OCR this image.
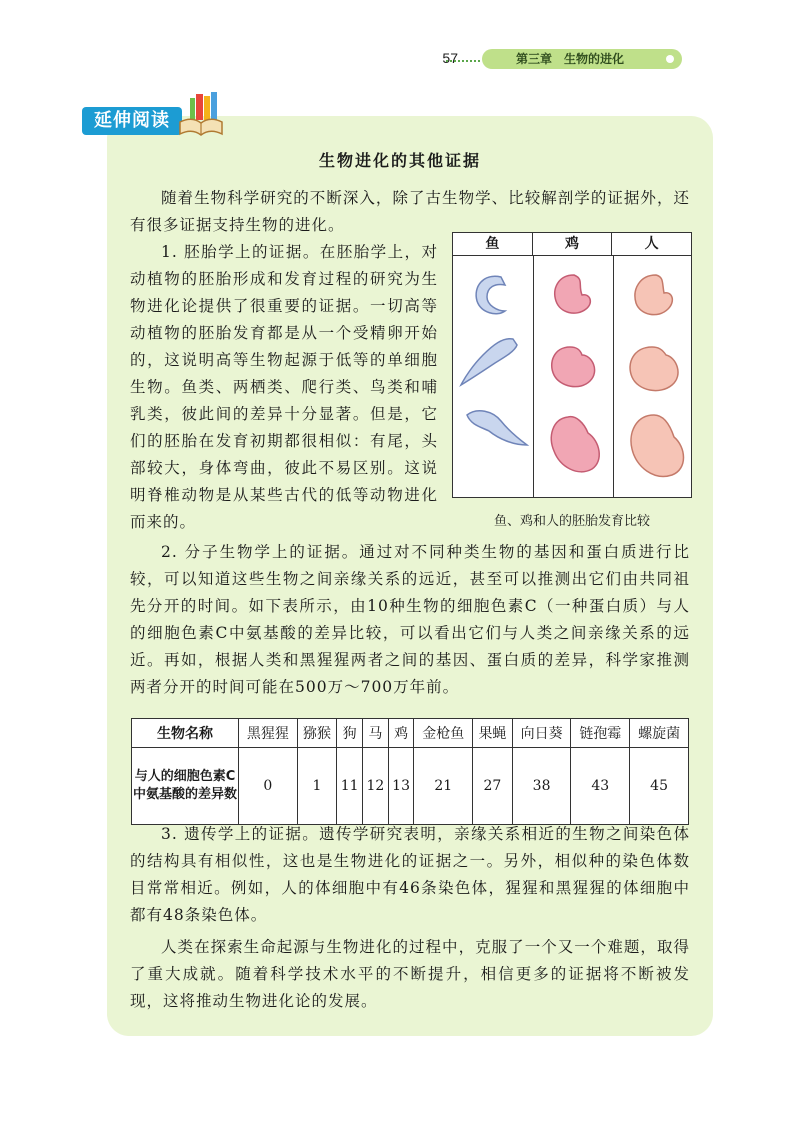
57	第三章　生物的进化
延伸阅读
生物进化的其他证据
随着生物科学研究的不断深入，除了古生物学、比较解剖学的证据外，还有很多证据支持生物的进化。
1. 胚胎学上的证据。在胚胎学上，对动植物的胚胎形成和发育过程的研究为生物进化论提供了很重要的证据。一切高等动植物的胚胎发育都是从一个受精卵开始的，这说明高等生物起源于低等的单细胞生物。鱼类、两栖类、爬行类、鸟类和哺乳类，彼此间的差异十分显著。但是，它们的胚胎在发育初期都很相似：有尾，头部较大，身体弯曲，彼此不易区别。这说明脊椎动物是从某些古代的低等动物进化而来的。
鱼	鸡	人
鱼、鸡和人的胚胎发育比较
2. 分子生物学上的证据。通过对不同种类生物的基因和蛋白质进行比较，可以知道这些生物之间亲缘关系的远近，甚至可以推测出它们由共同祖先分开的时间。如下表所示，由10种生物的细胞色素C（一种蛋白质）与人的细胞色素C中氨基酸的差异比较，可以看出它们与人类之间亲缘关系的远近。再如，根据人类和黑猩猩两者之间的基因、蛋白质的差异，科学家推测两者分开的时间可能在500万～700万年前。
生物名称	黑猩猩	猕猴	狗	马	鸡	金枪鱼	果蝇	向日葵	链孢霉	螺旋菌
与人的细胞色素C中氨基酸的差异数	0	1	11	12	13	21	27	38	43	45
3. 遗传学上的证据。遗传学研究表明，亲缘关系相近的生物之间染色体的结构具有相似性，这也是生物进化的证据之一。另外，相似种的染色体数目常常相近。例如，人的体细胞中有46条染色体，猩猩和黑猩猩的体细胞中都有48条染色体。
人类在探索生命起源与生物进化的过程中，克服了一个又一个难题，取得了重大成就。随着科学技术水平的不断提升，相信更多的证据将不断被发现，这将推动生物进化论的发展。
